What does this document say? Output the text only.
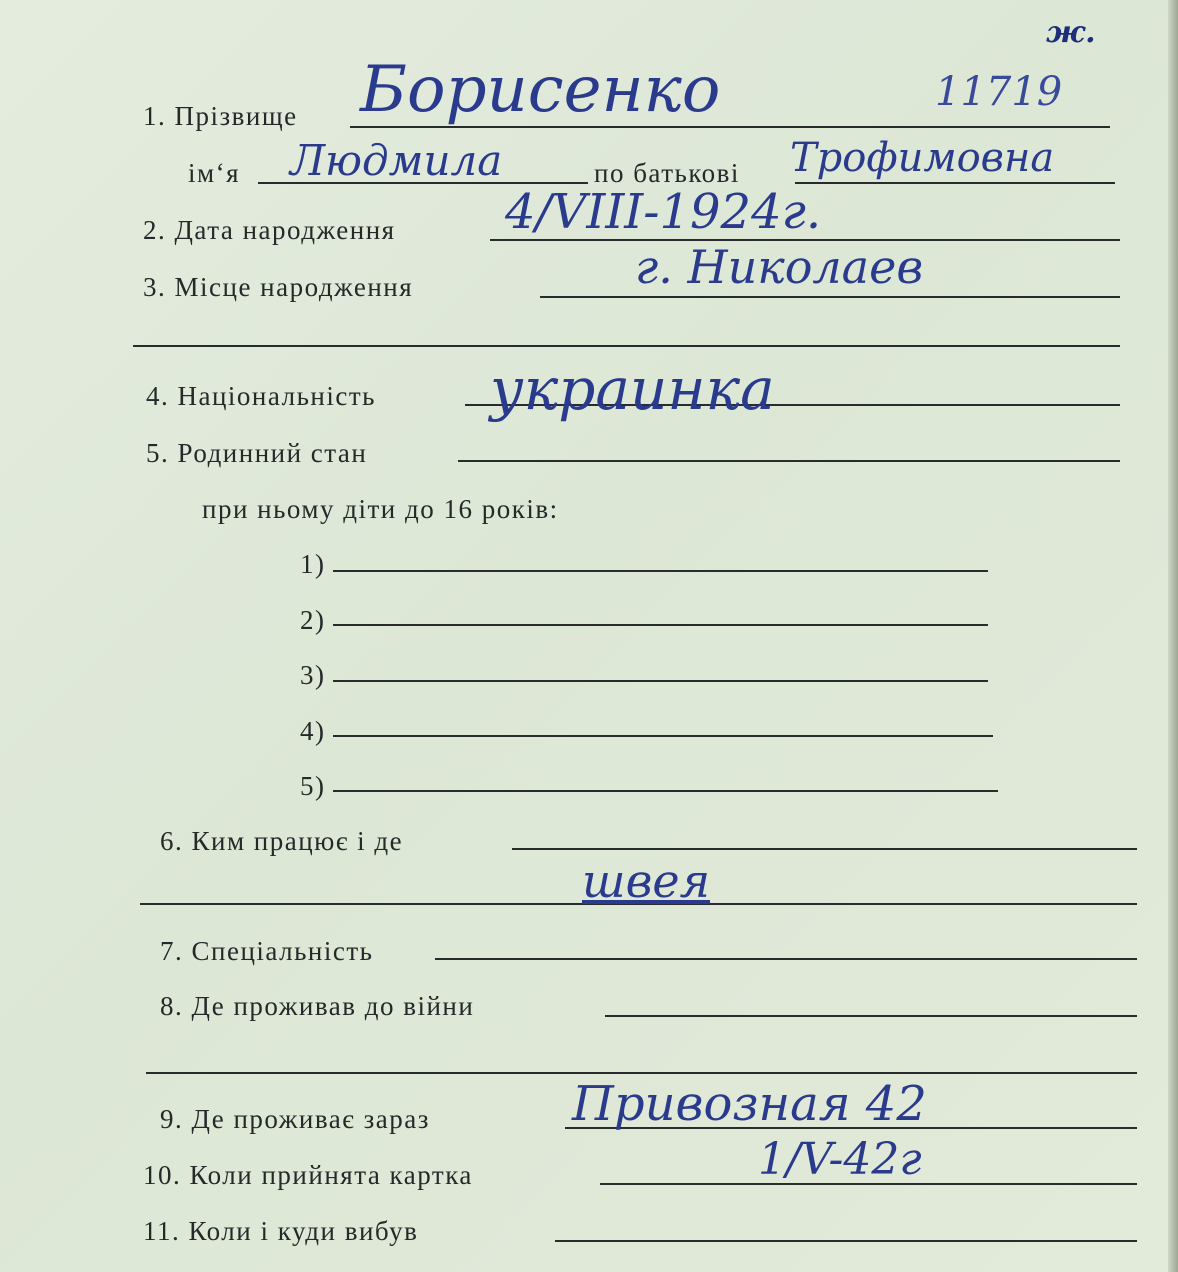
ж.
1. Прізвище Борисенко	11719
ім‘я Людмила	по батькові Трофимовна
2. Дата народження 4/VIII-1924г.
3. Місце народження	г. Николаев
4. Національність украинка
5. Родинний стан
при ньому діти до 16 років:
1)
2)
3)
4)
5)
6. Ким працює і де
швея
7. Спеціальність
8. Де проживав до війни
9. Де проживає зараз	Привозная 42
10. Коли прийнята картка	1/V-42г
11. Коли і куди вибув
